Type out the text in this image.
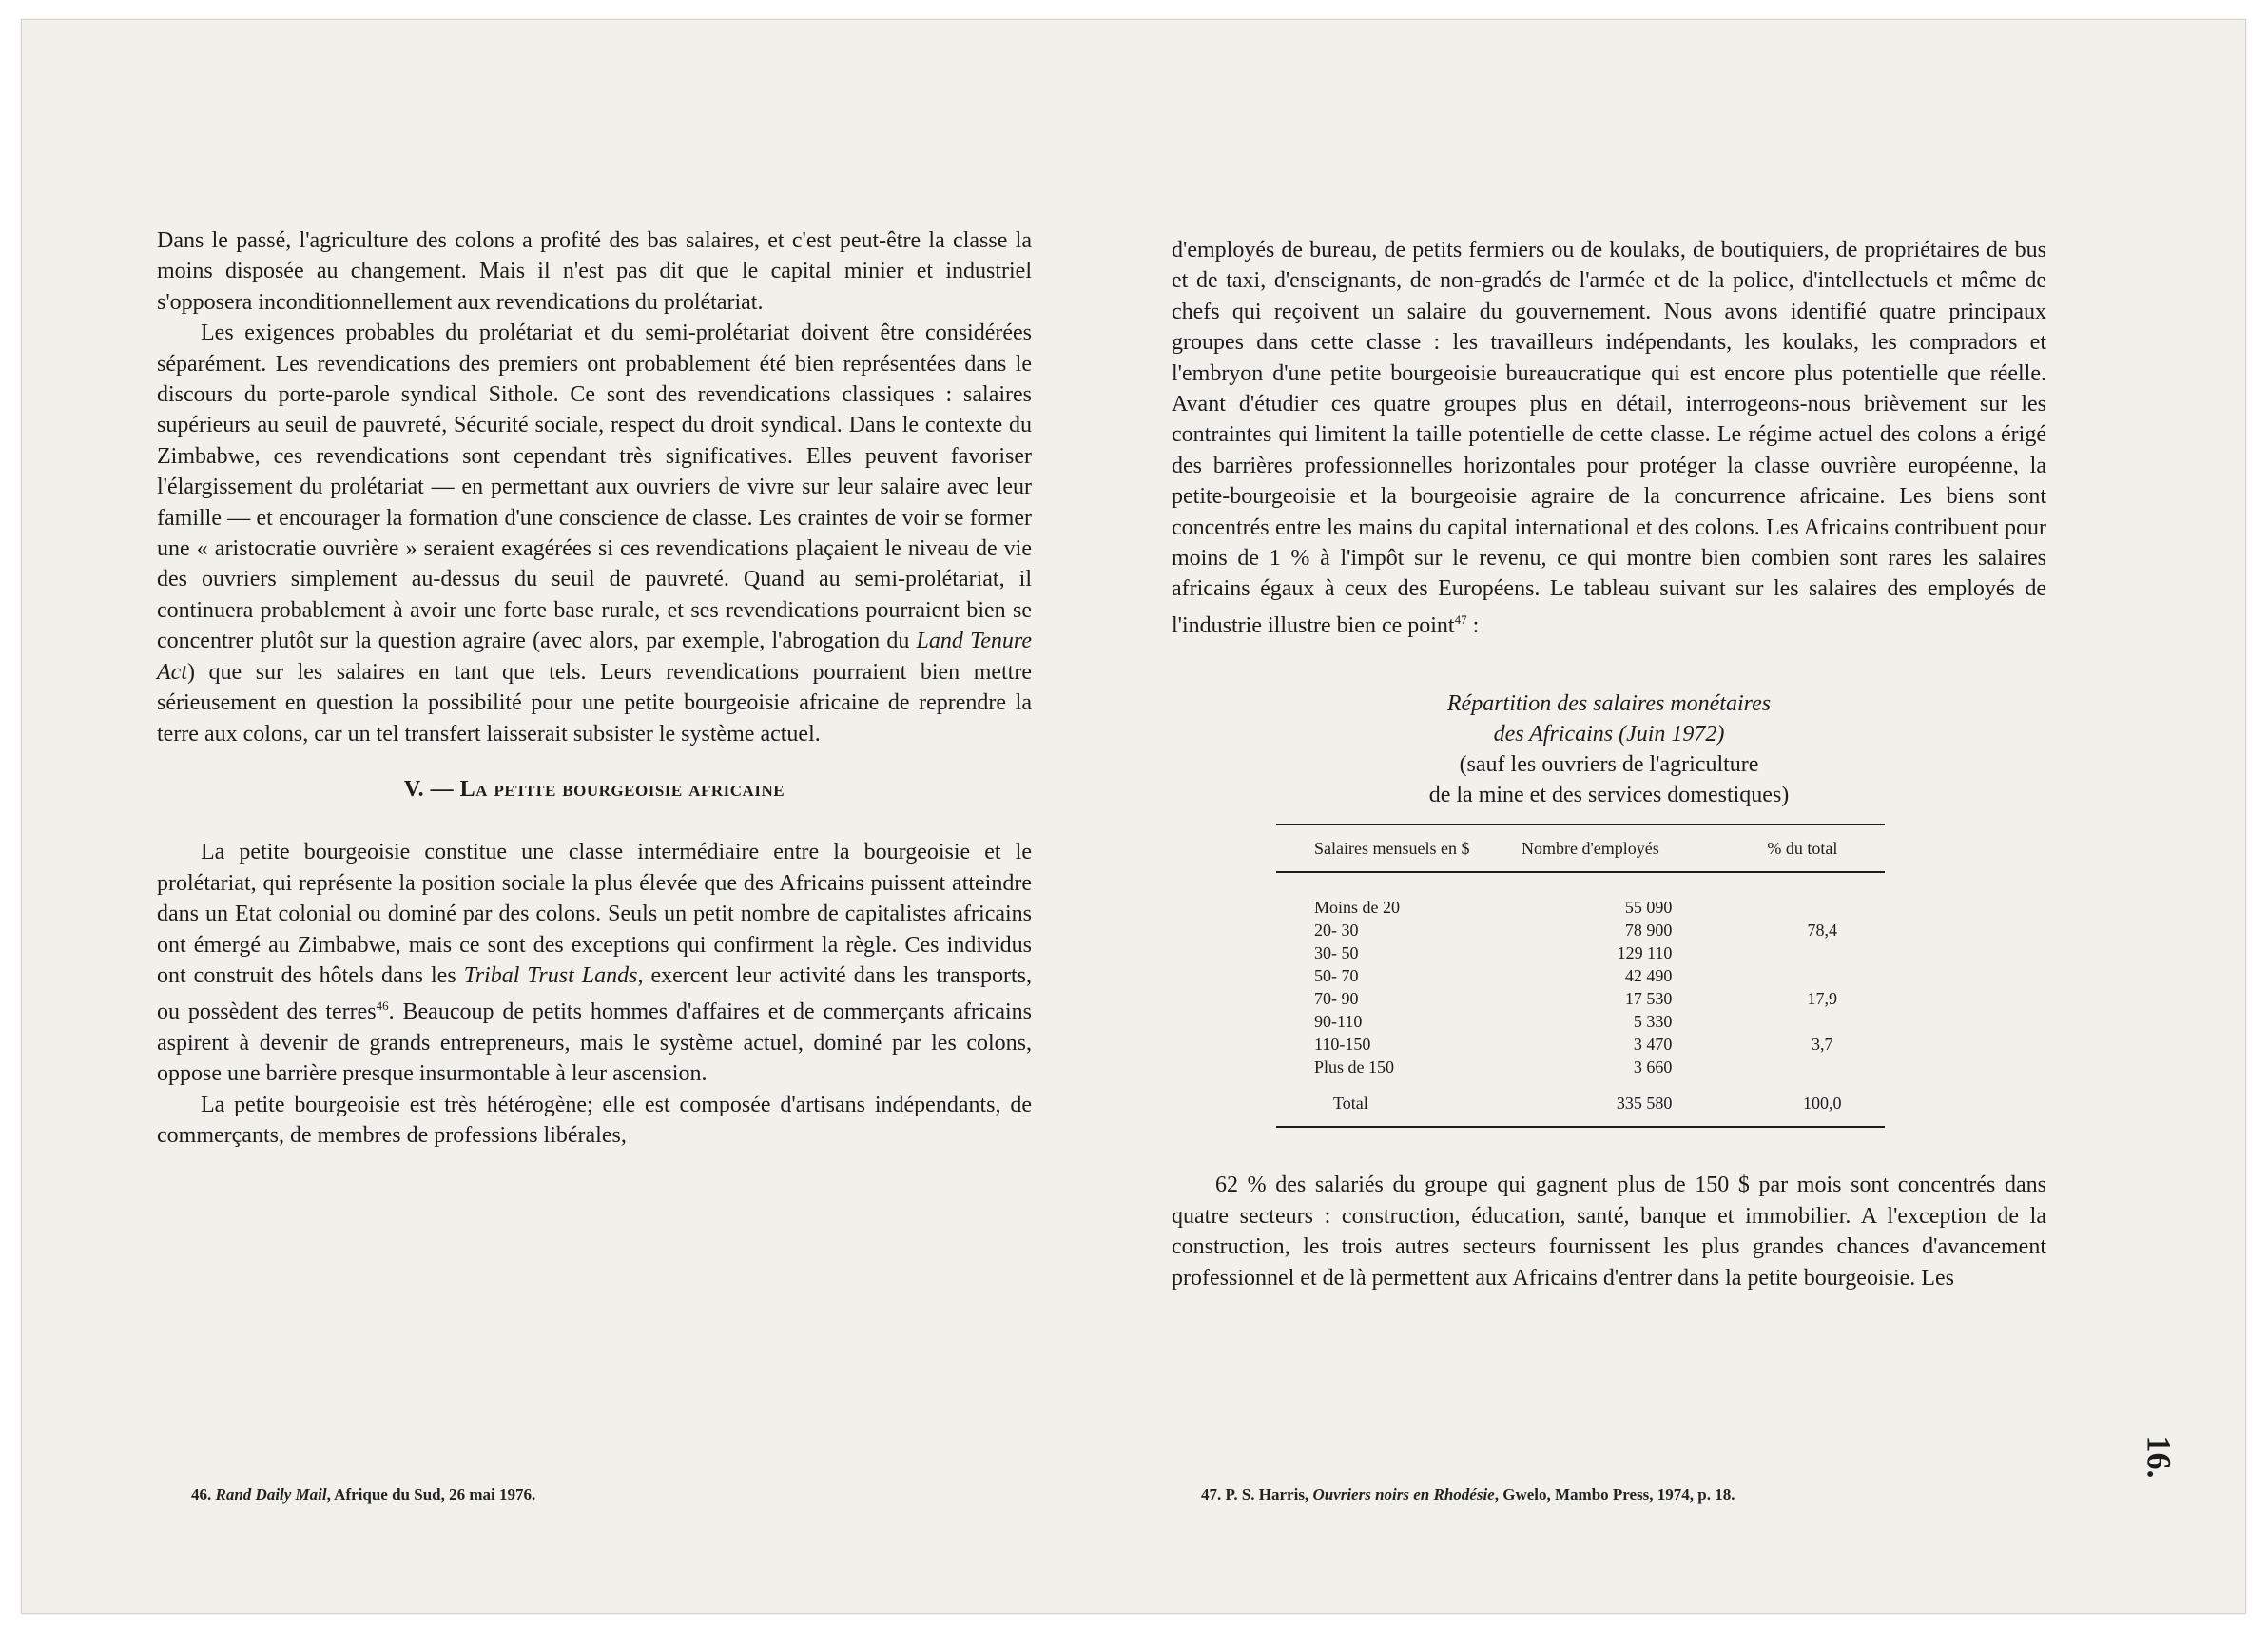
Dans le passé, l'agriculture des colons a profité des bas salaires, et c'est peut-être la classe la moins disposée au changement. Mais il n'est pas dit que le capital minier et industriel s'opposera inconditionnellement aux revendications du prolétariat.

Les exigences probables du prolétariat et du semi-prolétariat doivent être considérées séparément. Les revendications des premiers ont probablement été bien représentées dans le discours du porte-parole syndical Sithole. Ce sont des revendications classiques : salaires supérieurs au seuil de pauvreté, Sécurité sociale, respect du droit syndical. Dans le contexte du Zimbabwe, ces revendications sont cependant très significatives. Elles peuvent favoriser l'élargissement du prolétariat — en permettant aux ouvriers de vivre sur leur salaire avec leur famille — et encourager la formation d'une conscience de classe. Les craintes de voir se former une « aristocratie ouvrière » seraient exagérées si ces revendications plaçaient le niveau de vie des ouvriers simplement au-dessus du seuil de pauvreté. Quand au semi-prolétariat, il continuera probablement à avoir une forte base rurale, et ses revendications pourraient bien se concentrer plutôt sur la question agraire (avec alors, par exemple, l'abrogation du Land Tenure Act) que sur les salaires en tant que tels. Leurs revendications pourraient bien mettre sérieusement en question la possibilité pour une petite bourgeoisie africaine de reprendre la terre aux colons, car un tel transfert laisserait subsister le système actuel.

V. — La petite bourgeoisie africaine

La petite bourgeoisie constitue une classe intermédiaire entre la bourgeoisie et le prolétariat, qui représente la position sociale la plus élevée que des Africains puissent atteindre dans un Etat colonial ou dominé par des colons. Seuls un petit nombre de capitalistes africains ont émergé au Zimbabwe, mais ce sont des exceptions qui confirment la règle. Ces individus ont construit des hôtels dans les Tribal Trust Lands, exercent leur activité dans les transports, ou possèdent des terres$^{46}$. Beaucoup de petits hommes d'affaires et de commerçants africains aspirent à devenir de grands entrepreneurs, mais le système actuel, dominé par les colons, oppose une barrière presque insurmontable à leur ascension.

La petite bourgeoisie est très hétérogène; elle est composée d'artisans indépendants, de commerçants, de membres de professions libérales,

d'employés de bureau, de petits fermiers ou de koulaks, de boutiquiers, de propriétaires de bus et de taxi, d'enseignants, de non-gradés de l'armée et de la police, d'intellectuels et même de chefs qui reçoivent un salaire du gouvernement. Nous avons identifié quatre principaux groupes dans cette classe : les travailleurs indépendants, les koulaks, les compradors et l'embryon d'une petite bourgeoisie bureaucratique qui est encore plus potentielle que réelle. Avant d'étudier ces quatre groupes plus en détail, interrogeons-nous brièvement sur les contraintes qui limitent la taille potentielle de cette classe. Le régime actuel des colons a érigé des barrières professionnelles horizontales pour protéger la classe ouvrière européenne, la petite-bourgeoisie et la bourgeoisie agraire de la concurrence africaine. Les biens sont concentrés entre les mains du capital international et des colons. Les Africains contribuent pour moins de 1 % à l'impôt sur le revenu, ce qui montre bien combien sont rares les salaires africains égaux à ceux des Européens. Le tableau suivant sur les salaires des employés de l'industrie illustre bien ce point$^{47}$ :

Répartition des salaires monétaires
des Africains (Juin 1972)
(sauf les ouvriers de l'agriculture
de la mine et des services domestiques)
Salaires mensuels en $	Nombre d'employés	% du total
Moins de 20	55 090	
20- 30	78 900	78,4
30- 50	129 110	
50- 70	42 490	
70- 90	17 530	17,9
90-110	5 330	
110-150	3 470	3,7
Plus de 150	3 660	
Total	335 580	100,0

62 % des salariés du groupe qui gagnent plus de 150 $ par mois sont concentrés dans quatre secteurs : construction, éducation, santé, banque et immobilier. A l'exception de la construction, les trois autres secteurs fournissent les plus grandes chances d'avancement professionnel et de là permettent aux Africains d'entrer dans la petite bourgeoisie. Les

46. Rand Daily Mail, Afrique du Sud, 26 mai 1976.	47. P. S. Harris, Ouvriers noirs en Rhodésie, Gwelo, Mambo Press, 1974, p. 18.
16.
